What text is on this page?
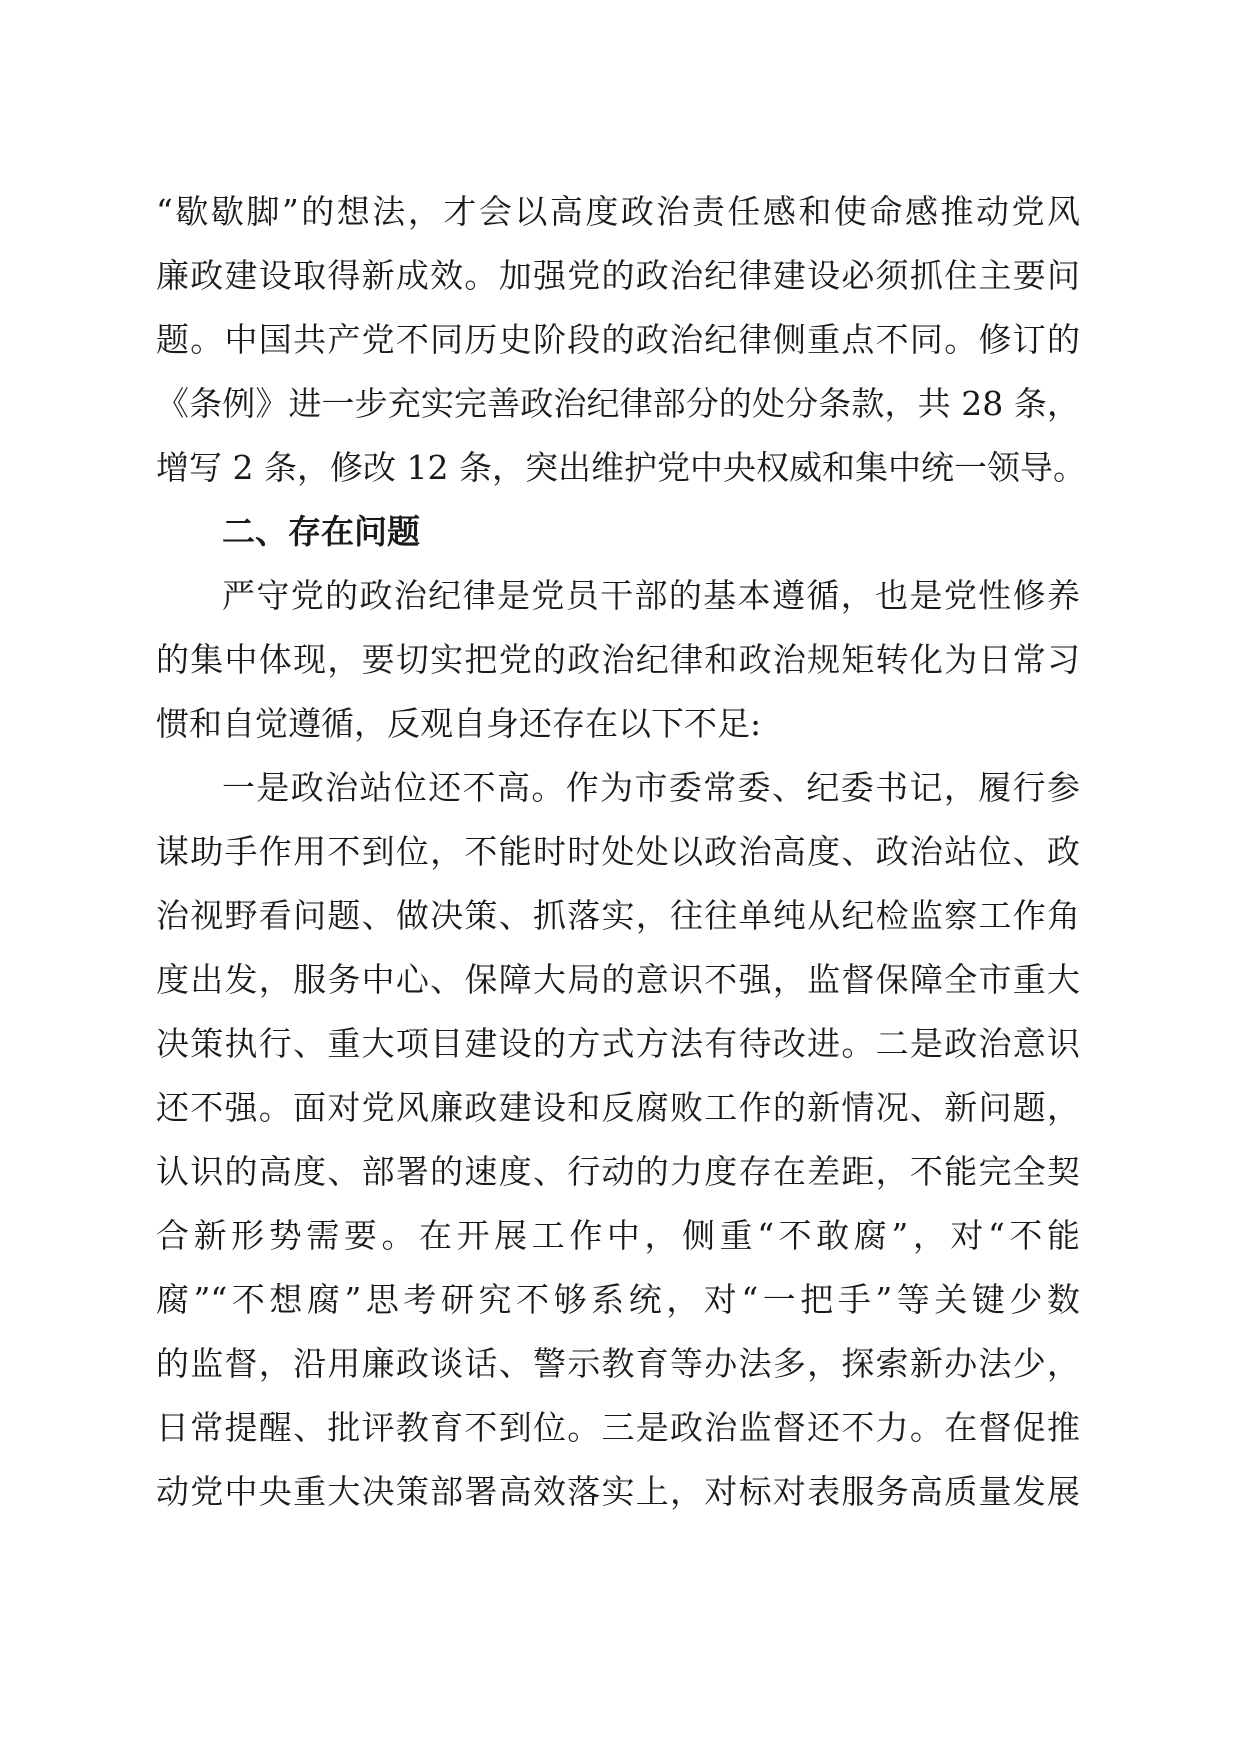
“歇歇脚”的想法，才会以高度政治责任感和使命感推动党风
廉政建设取得新成效。加强党的政治纪律建设必须抓住主要问
题。中国共产党不同历史阶段的政治纪律侧重点不同。修订的
《条例》进一步充实完善政治纪律部分的处分条款，共 28 条，
增写 2 条，修改 12 条，突出维护党中央权威和集中统一领导。
二、存在问题
严守党的政治纪律是党员干部的基本遵循，也是党性修养
的集中体现，要切实把党的政治纪律和政治规矩转化为日常习
惯和自觉遵循，反观自身还存在以下不足:
一是政治站位还不高。作为市委常委、纪委书记，履行参
谋助手作用不到位，不能时时处处以政治高度、政治站位、政
治视野看问题、做决策、抓落实，往往单纯从纪检监察工作角
度出发，服务中心、保障大局的意识不强，监督保障全市重大
决策执行、重大项目建设的方式方法有待改进。二是政治意识
还不强。面对党风廉政建设和反腐败工作的新情况、新问题，
认识的高度、部署的速度、行动的力度存在差距，不能完全契
合新形势需要。在开展工作中，侧重“不敢腐”，对“不能
腐”“不想腐”思考研究不够系统，对“一把手”等关键少数
的监督，沿用廉政谈话、警示教育等办法多，探索新办法少，
日常提醒、批评教育不到位。三是政治监督还不力。在督促推
动党中央重大决策部署高效落实上，对标对表服务高质量发展
